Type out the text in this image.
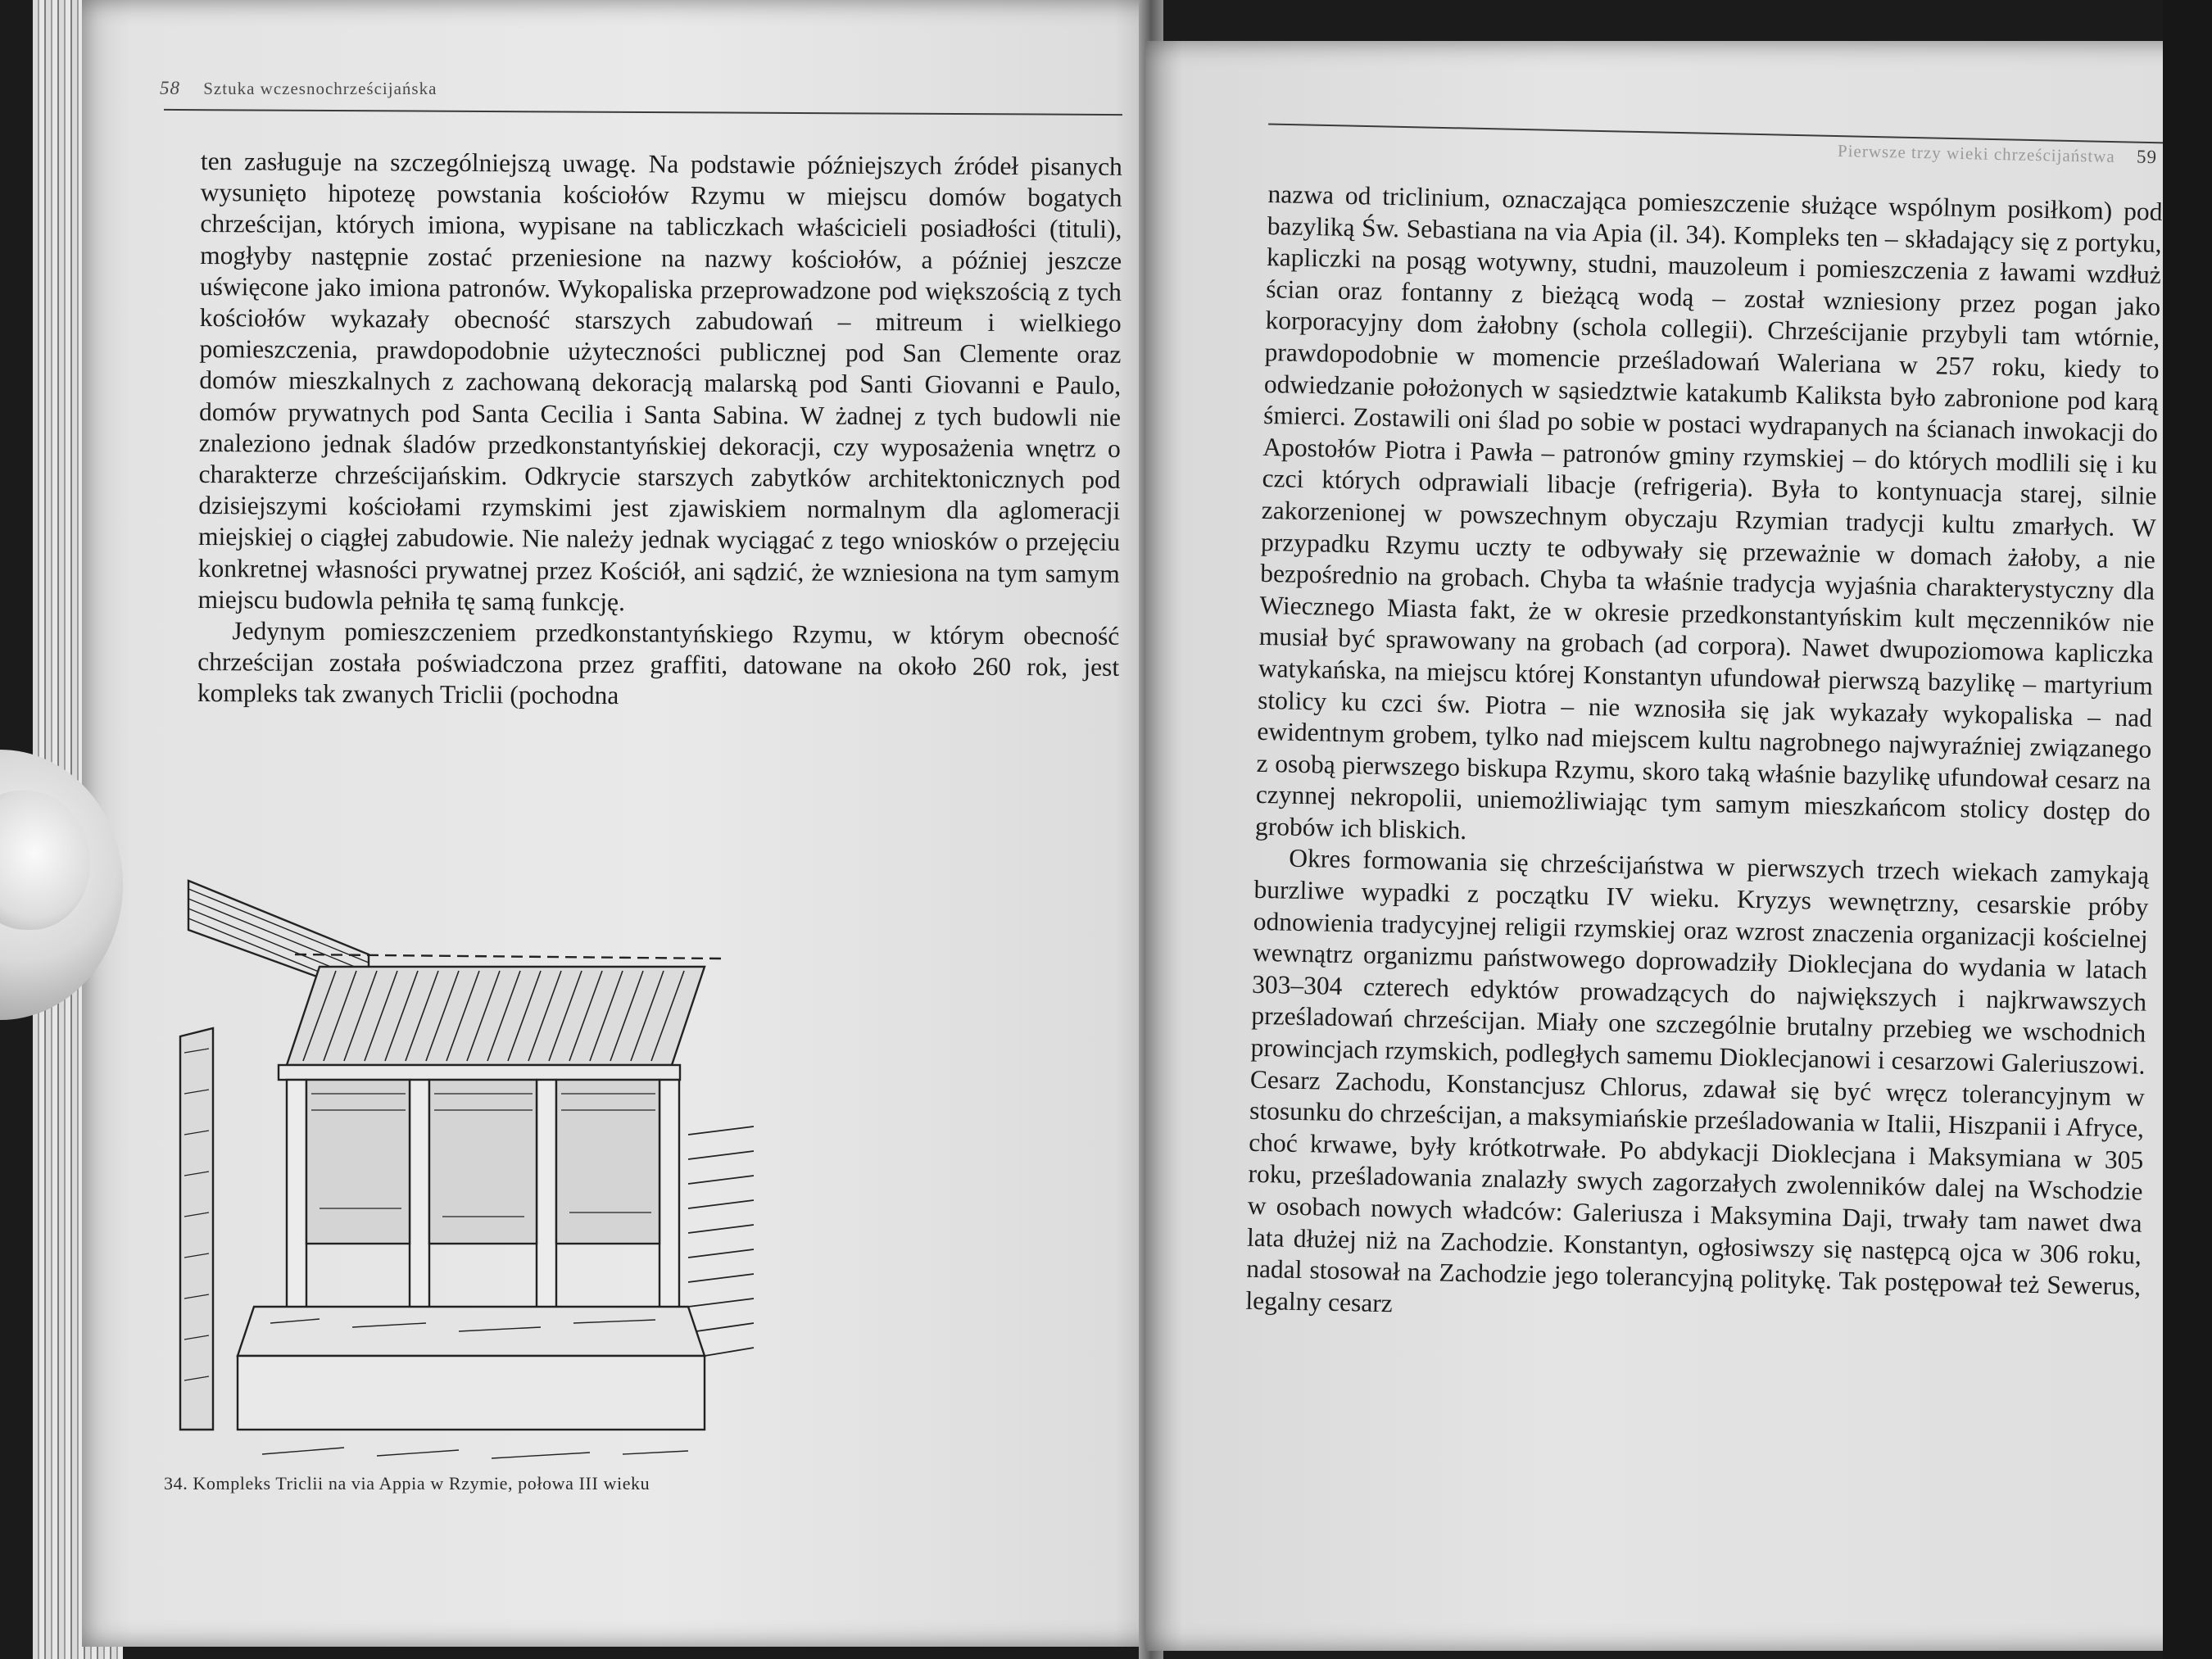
58 Sztuka wczesnochrześcijańska

ten zasługuje na szczególniejszą uwagę. Na podstawie późniejszych źródeł pisanych wysunięto hipotezę powstania kościołów Rzymu w miejscu domów bogatych chrześcijan, których imiona, wypisane na tabliczkach właścicieli posiadłości (tituli), mogłyby następnie zostać przeniesione na nazwy kościołów, a później jeszcze uświęcone jako imiona patronów. Wykopaliska przeprowadzone pod większością z tych kościołów wykazały obecność starszych zabudowań – mitreum i wielkiego pomieszczenia, prawdopodobnie użyteczności publicznej pod San Clemente oraz domów mieszkalnych z zachowaną dekoracją malarską pod Santi Giovanni e Paulo, domów prywatnych pod Santa Cecilia i Santa Sabina. W żadnej z tych budowli nie znaleziono jednak śladów przedkonstantyńskiej dekoracji, czy wyposażenia wnętrz o charakterze chrześcijańskim. Odkrycie starszych zabytków architektonicznych pod dzisiejszymi kościołami rzymskimi jest zjawiskiem normalnym dla aglomeracji miejskiej o ciągłej zabudowie. Nie należy jednak wyciągać z tego wniosków o przejęciu konkretnej własności prywatnej przez Kościół, ani sądzić, że wzniesiona na tym samym miejscu budowla pełniła tę samą funkcję.

Jedynym pomieszczeniem przedkonstantyńskiego Rzymu, w którym obecność chrześcijan została poświadczona przez graffiti, datowane na około 260 rok, jest kompleks tak zwanych Triclii (pochodna

34. Kompleks Triclii na via Appia w Rzymie, połowa III wieku
Pierwsze trzy wieki chrześcijaństwa 59

nazwa od triclinium, oznaczająca pomieszczenie służące wspólnym posiłkom) pod bazyliką Św. Sebastiana na via Apia (il. 34). Kompleks ten – składający się z portyku, kapliczki na posąg wotywny, studni, mauzoleum i pomieszczenia z ławami wzdłuż ścian oraz fontanny z bieżącą wodą – został wzniesiony przez pogan jako korporacyjny dom żałobny (schola collegii). Chrześcijanie przybyli tam wtórnie, prawdopodobnie w momencie prześladowań Waleriana w 257 roku, kiedy to odwiedzanie położonych w sąsiedztwie katakumb Kaliksta było zabronione pod karą śmierci. Zostawili oni ślad po sobie w postaci wydrapanych na ścianach inwokacji do Apostołów Piotra i Pawła – patronów gminy rzymskiej – do których modlili się i ku czci których odprawiali libacje (refrigeria). Była to kontynuacja starej, silnie zakorzenionej w powszechnym obyczaju Rzymian tradycji kultu zmarłych. W przypadku Rzymu uczty te odbywały się przeważnie w domach żałoby, a nie bezpośrednio na grobach. Chyba ta właśnie tradycja wyjaśnia charakterystyczny dla Wiecznego Miasta fakt, że w okresie przedkonstantyńskim kult męczenników nie musiał być sprawowany na grobach (ad corpora). Nawet dwupoziomowa kapliczka watykańska, na miejscu której Konstantyn ufundował pierwszą bazylikę – martyrium stolicy ku czci św. Piotra – nie wznosiła się jak wykazały wykopaliska – nad ewidentnym grobem, tylko nad miejscem kultu nagrobnego najwyraźniej związanego z osobą pierwszego biskupa Rzymu, skoro taką właśnie bazylikę ufundował cesarz na czynnej nekropolii, uniemożliwiając tym samym mieszkańcom stolicy dostęp do grobów ich bliskich.

Okres formowania się chrześcijaństwa w pierwszych trzech wiekach zamykają burzliwe wypadki z początku IV wieku. Kryzys wewnętrzny, cesarskie próby odnowienia tradycyjnej religii rzymskiej oraz wzrost znaczenia organizacji kościelnej wewnątrz organizmu państwowego doprowadziły Dioklecjana do wydania w latach 303–304 czterech edyktów prowadzących do największych i najkrwawszych prześladowań chrześcijan. Miały one szczególnie brutalny przebieg we wschodnich prowincjach rzymskich, podległych samemu Dioklecjanowi i cesarzowi Galeriuszowi. Cesarz Zachodu, Konstancjusz Chlorus, zdawał się być wręcz tolerancyjnym w stosunku do chrześcijan, a maksymiańskie prześladowania w Italii, Hiszpanii i Afryce, choć krwawe, były krótkotrwałe. Po abdykacji Dioklecjana i Maksymiana w 305 roku, prześladowania znalazły swych zagorzałych zwolenników dalej na Wschodzie w osobach nowych władców: Galeriusza i Maksymina Daji, trwały tam nawet dwa lata dłużej niż na Zachodzie. Konstantyn, ogłosiwszy się następcą ojca w 306 roku, nadal stosował na Zachodzie jego tolerancyjną politykę. Tak postępował też Sewerus, legalny cesarz
